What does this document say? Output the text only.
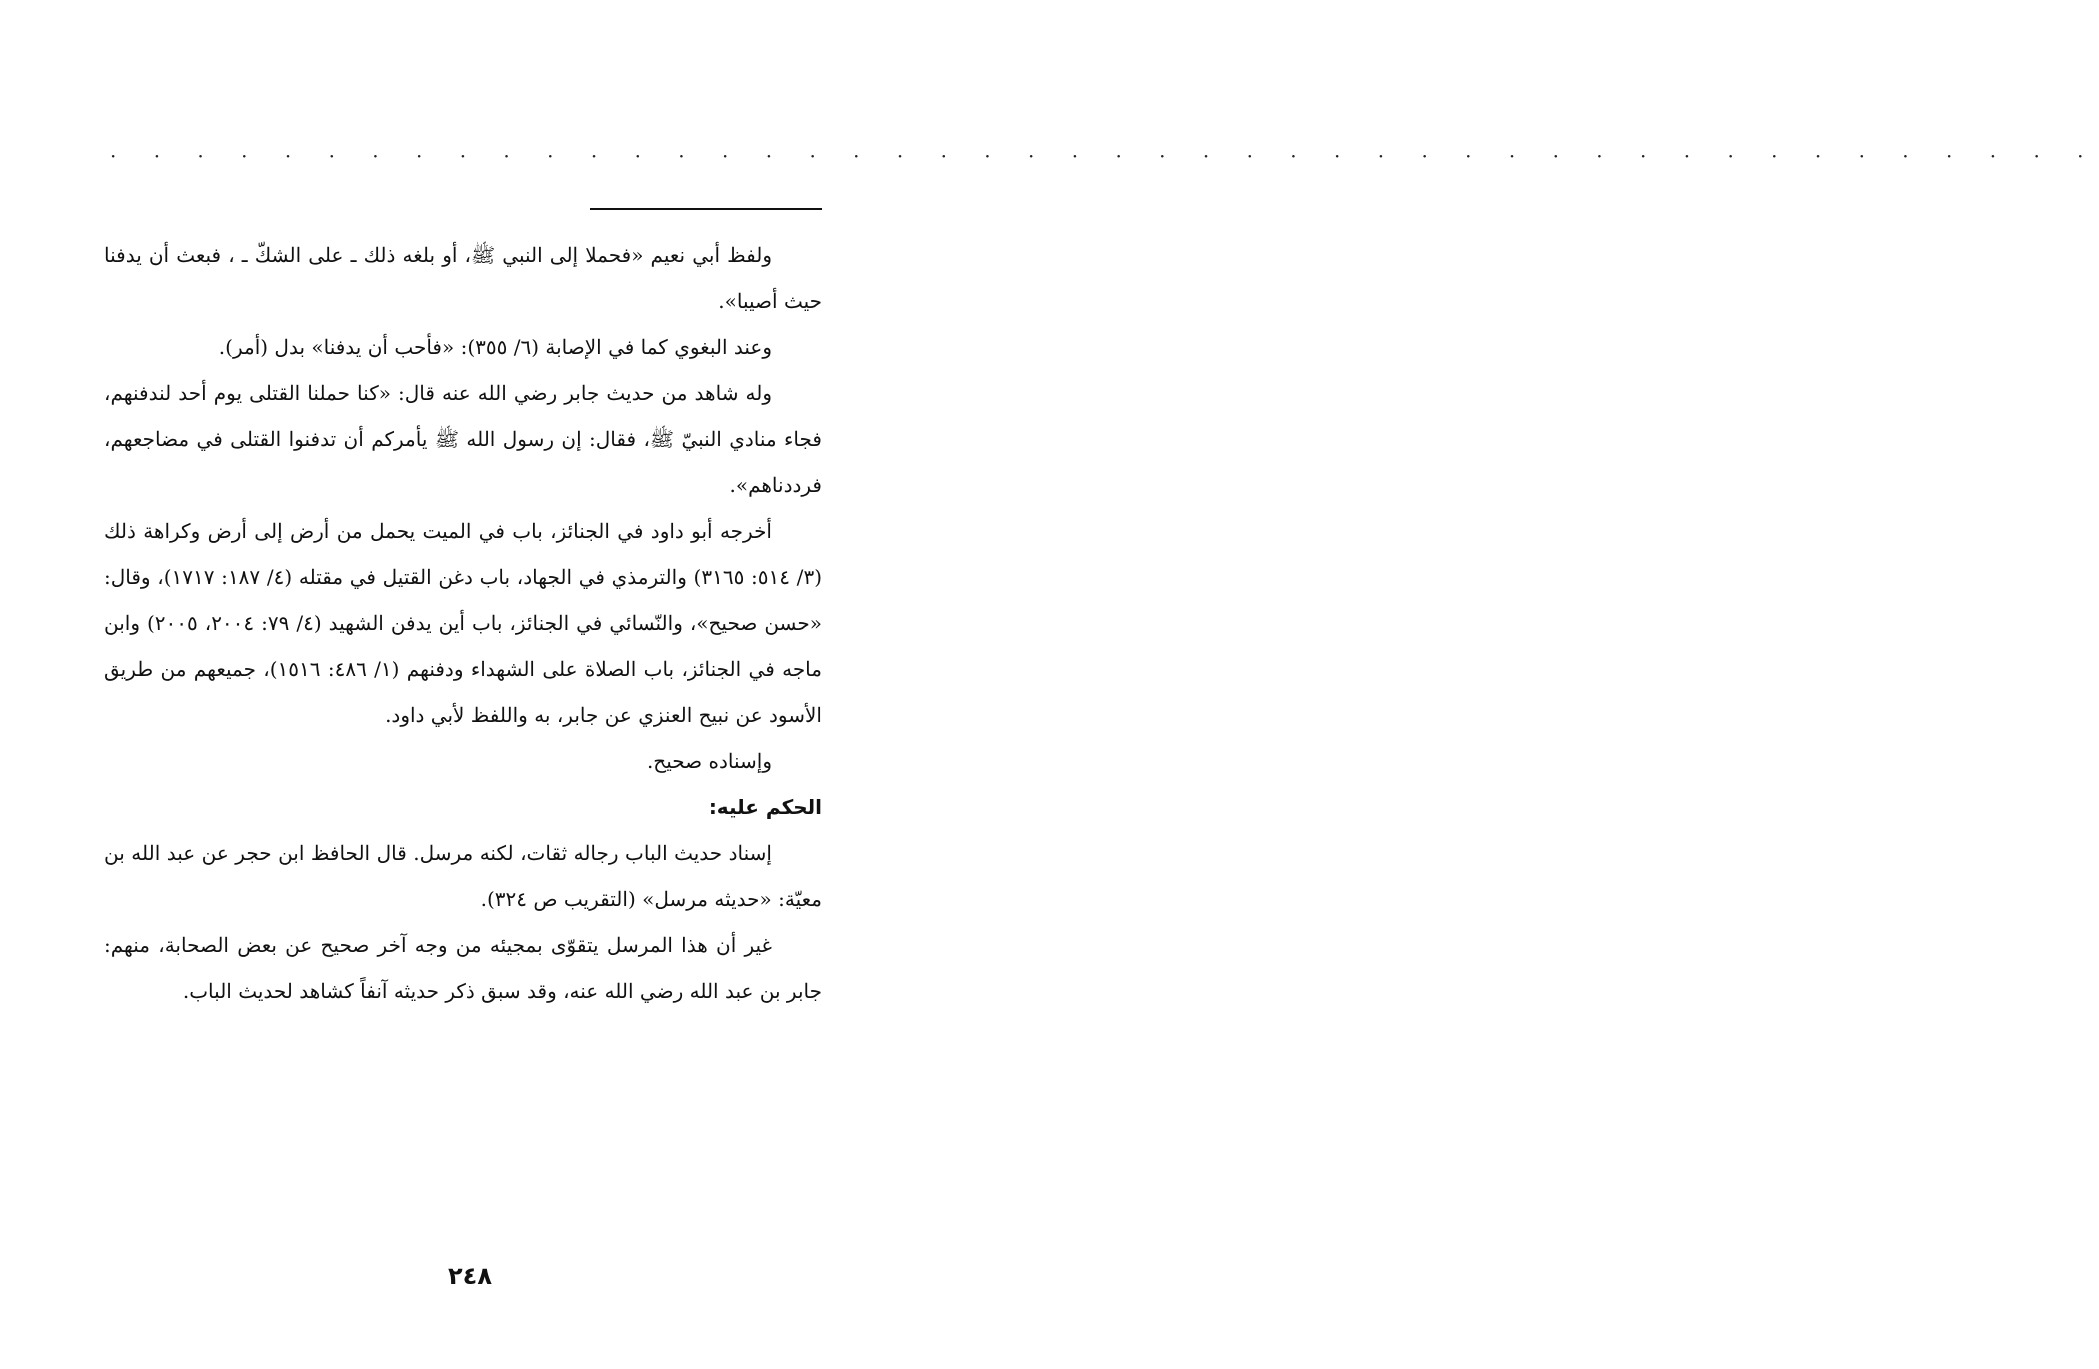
· · · · · · · · · · · · · · · · · · · · · · · · · · · · · · · · · · · · · · · · · · · · · ·

ولفظ أبي نعيم «فحملا إلى النبي ﷺ، أو بلغه ذلك ـ على الشكّ ـ ، فبعث أن يدفنا حيث أصيبا».

وعند البغوي كما في الإصابة (٦/ ٣٥٥): «فأحب أن يدفنا» بدل (أمر).

وله شاهد من حديث جابر رضي الله عنه قال: «كنا حملنا القتلى يوم أحد لندفنهم، فجاء منادي النبيّ ﷺ، فقال: إن رسول الله ﷺ يأمركم أن تدفنوا القتلى في مضاجعهم، فرددناهم».

أخرجه أبو داود في الجنائز، باب في الميت يحمل من أرض إلى أرض وكراهة ذلك (٣/ ٥١٤: ٣١٦٥) والترمذي في الجهاد، باب دغن القتيل في مقتله (٤/ ١٨٧: ١٧١٧)، وقال: «حسن صحيح»، والنّسائي في الجنائز، باب أين يدفن الشهيد (٤/ ٧٩: ٢٠٠٤، ٢٠٠٥) وابن ماجه في الجنائز، باب الصلاة على الشهداء ودفنهم (١/ ٤٨٦: ١٥١٦)، جميعهم من طريق الأسود عن نبيح العنزي عن جابر، به واللفظ لأبي داود.

وإسناده صحيح.

الحكم عليه:

إسناد حديث الباب رجاله ثقات، لكنه مرسل. قال الحافظ ابن حجر عن عبد الله بن معيّة: «حديثه مرسل» (التقريب ص ٣٢٤).

غير أن هذا المرسل يتقوّى بمجيئه من وجه آخر صحيح عن بعض الصحابة، منهم: جابر بن عبد الله رضي الله عنه، وقد سبق ذكر حديثه آنفاً كشاهد لحديث الباب.

٢٤٨
